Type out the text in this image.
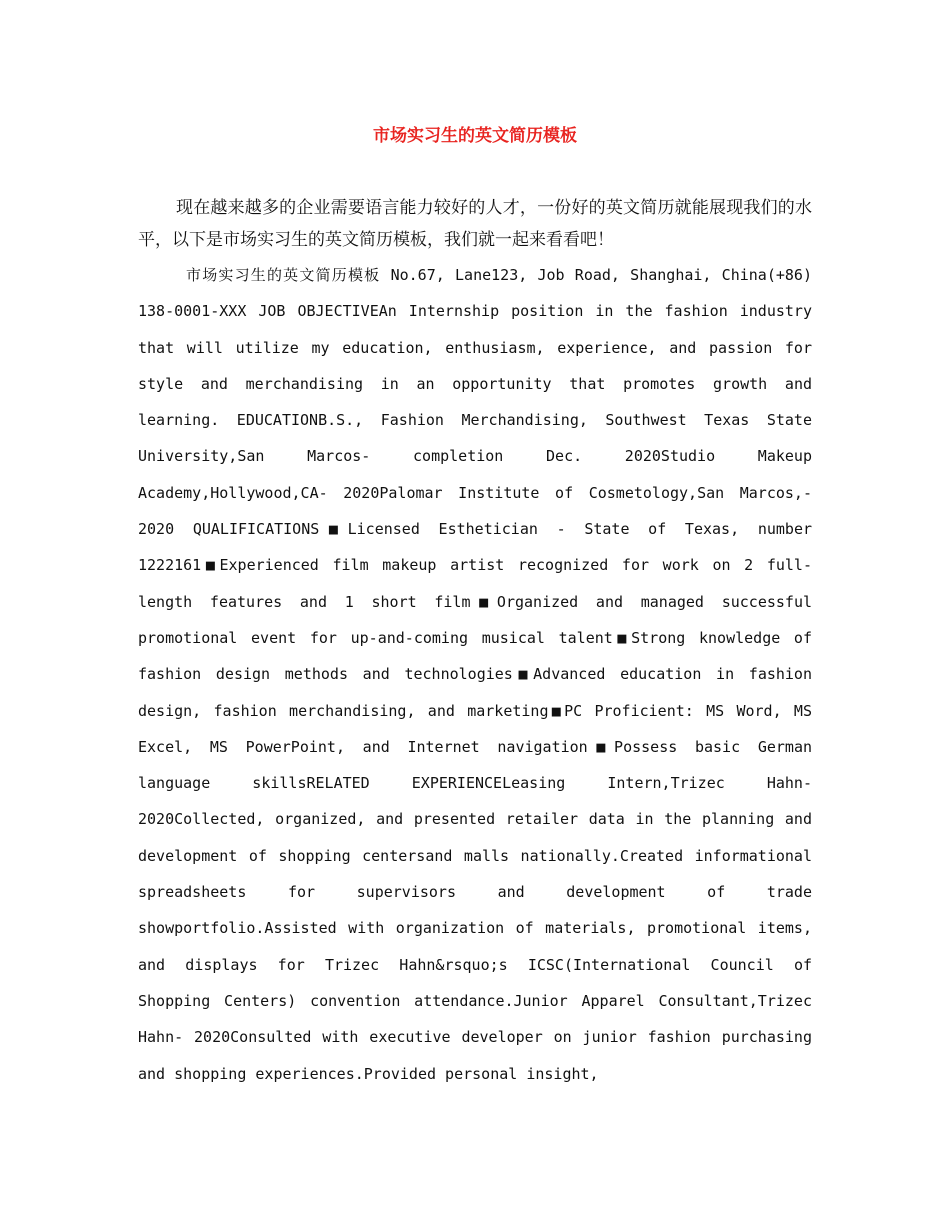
市场实习生的英文简历模板

现在越来越多的企业需要语言能力较好的人才，一份好的英文简历就能展现我们的水平，以下是市场实习生的英文简历模板，我们就一起来看看吧！

市场实习生的英文简历模板 No.67, Lane123, Job Road, Shanghai, China(+86) 138-0001-XXX JOB OBJECTIVEAn Internship position in the fashion industry that will utilize my education, enthusiasm, experience, and passion for style and merchandising in an opportunity that promotes growth and learning. EDUCATIONB.S., Fashion Merchandising, Southwest Texas State University,San Marcos- completion Dec. 2020Studio Makeup Academy,Hollywood,CA- 2020Palomar Institute of Cosmetology,San Marcos,- 2020 QUALIFICATIONS■Licensed Esthetician - State of Texas, number 1222161■Experienced film makeup artist recognized for work on 2 full-length features and 1 short film■Organized and managed successful promotional event for up-and-coming musical talent■Strong knowledge of fashion design methods and technologies■Advanced education in fashion design, fashion merchandising, and marketing■PC Proficient: MS Word, MS Excel, MS PowerPoint, and Internet navigation■Possess basic German language skillsRELATED EXPERIENCELeasing Intern,Trizec Hahn- 2020Collected, organized, and presented retailer data in the planning and development of shopping centersand malls nationally.Created informational spreadsheets for supervisors and development of trade showportfolio.Assisted with organization of materials, promotional items, and displays for Trizec Hahn&rsquo;s ICSC(International Council of Shopping Centers) convention attendance.Junior Apparel Consultant,Trizec Hahn- 2020Consulted with executive developer on junior fashion purchasing and shopping experiences.Provided personal insight,
